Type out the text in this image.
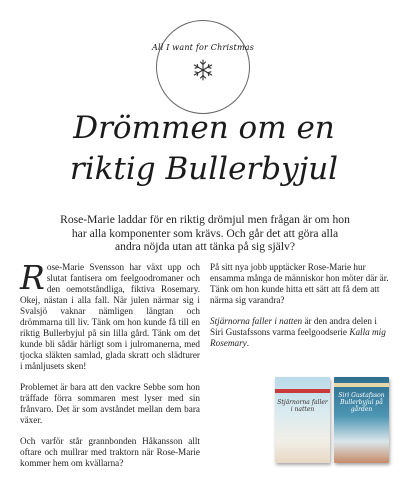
All I want for Christmas
Drömmen om en
riktig Bullerbyjul
Rose-Marie laddar för en riktig drömjul men frågan är om hon har alla komponenter som krävs. Och går det att göra alla andra nöjda utan att tänka på sig själv?

Rose-Marie Svensson har växt upp och slutat fantisera om feelgoodromaner och den oemotståndliga, fiktiva Rosemary. Okej, nästan i alla fall. När julen närmar sig i Svalsjö vaknar nämligen längtan och drömmarna till liv. Tänk om hon kunde få till en riktig Bullerbyjul på sin lilla gård. Tänk om det kunde bli sådär härligt som i julromanerna, med tjocka släkten samlad, glada skratt och slädturer i månljusets sken!

Problemet är bara att den vackre Sebbe som hon träffade förra sommaren mest lyser med sin frånvaro. Det är som avståndet mellan dem bara växer.

Och varför står grannbonden Håkansson allt oftare och mullrar med traktorn när Rose-Marie kommer hem om kvällarna?

På sitt nya jobb upptäcker Rose-Marie hur ensamma många de människor hon möter där är. Tänk om hon kunde hitta ett sätt att få dem att närma sig varandra?

Stjärnorna faller i natten är den andra delen i Siri Gustafssons varma feelgoodserie Kalla mig Rosemary.

Stjärnorna faller i natten
Siri Gustafsson Bullerbyjul på gården
